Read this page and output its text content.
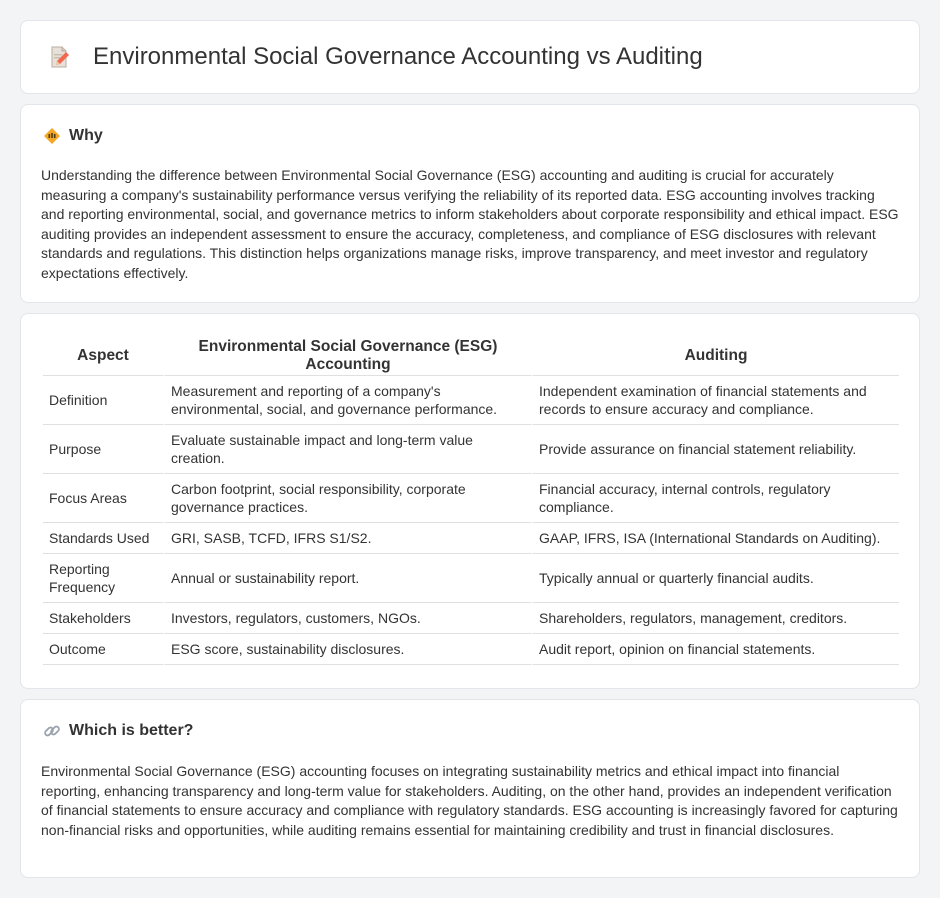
Environmental Social Governance Accounting vs Auditing
Why

Understanding the difference between Environmental Social Governance (ESG) accounting and auditing is crucial for accurately measuring a company's sustainability performance versus verifying the reliability of its reported data. ESG accounting involves tracking and reporting environmental, social, and governance metrics to inform stakeholders about corporate responsibility and ethical impact. ESG auditing provides an independent assessment to ensure the accuracy, completeness, and compliance of ESG disclosures with relevant standards and regulations. This distinction helps organizations manage risks, improve transparency, and meet investor and regulatory expectations effectively.

Aspect	Environmental Social Governance (ESG) Accounting	Auditing
Definition	Measurement and reporting of a company's environmental, social, and governance performance.	Independent examination of financial statements and records to ensure accuracy and compliance.
Purpose	Evaluate sustainable impact and long-term value creation.	Provide assurance on financial statement reliability.
Focus Areas	Carbon footprint, social responsibility, corporate governance practices.	Financial accuracy, internal controls, regulatory compliance.
Standards Used	GRI, SASB, TCFD, IFRS S1/S2.	GAAP, IFRS, ISA (International Standards on Auditing).
Reporting Frequency	Annual or sustainability report.	Typically annual or quarterly financial audits.
Stakeholders	Investors, regulators, customers, NGOs.	Shareholders, regulators, management, creditors.
Outcome	ESG score, sustainability disclosures.	Audit report, opinion on financial statements.
Which is better?

Environmental Social Governance (ESG) accounting focuses on integrating sustainability metrics and ethical impact into financial reporting, enhancing transparency and long-term value for stakeholders. Auditing, on the other hand, provides an independent verification of financial statements to ensure accuracy and compliance with regulatory standards. ESG accounting is increasingly favored for capturing non-financial risks and opportunities, while auditing remains essential for maintaining credibility and trust in financial disclosures.
